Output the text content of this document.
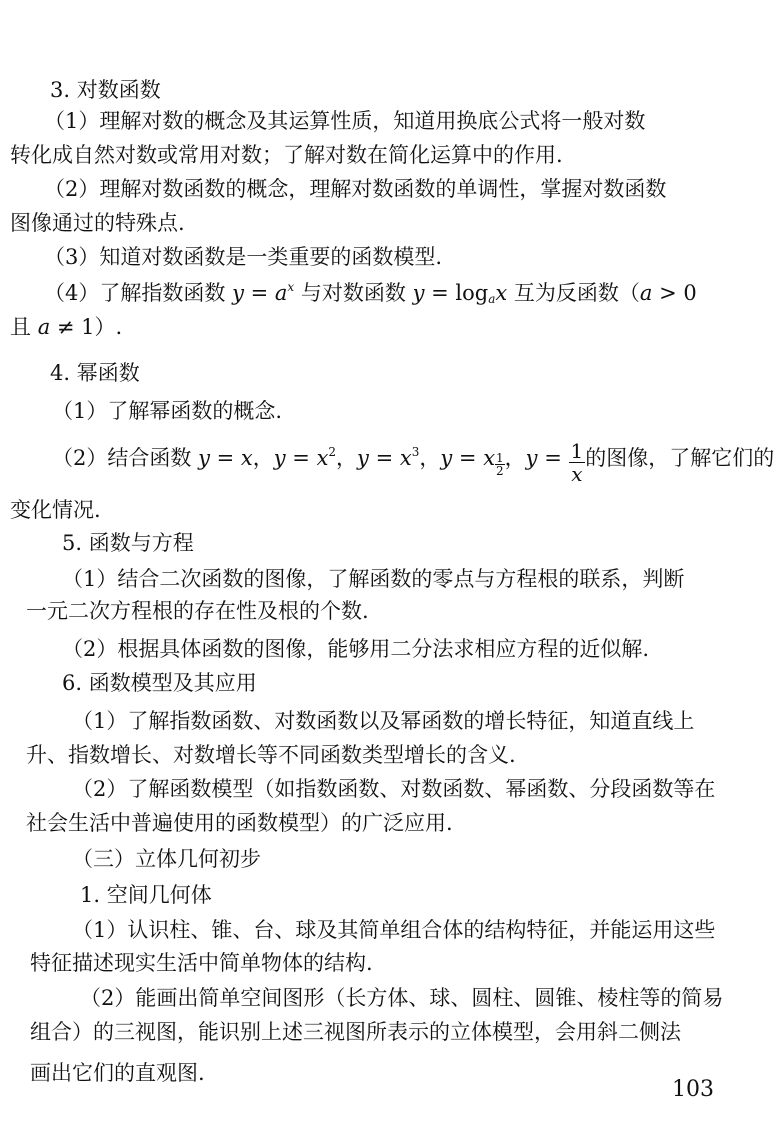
3. 对数函数
（1）理解对数的概念及其运算性质，知道用换底公式将一般对数
转化成自然对数或常用对数；了解对数在简化运算中的作用.
（2）理解对数函数的概念，理解对数函数的单调性，掌握对数函数
图像通过的特殊点.
（3）知道对数函数是一类重要的函数模型.
（4）了解指数函数 $y = a^x$ 与对数函数 $y = \log_ax$ 互为反函数（a > 0
且 a ≠ 1）.
4. 幂函数
（1）了解幂函数的概念.
（2）结合函数 y = x，$y = x^2$，$y = x^3$，y = x $\frac{1}{2}$ ，$y = \frac{1}{x}$ 的图像，了解它们的
变化情况.
5. 函数与方程
（1）结合二次函数的图像，了解函数的零点与方程根的联系，判断
一元二次方程根的存在性及根的个数.
（2）根据具体函数的图像，能够用二分法求相应方程的近似解.
6. 函数模型及其应用
（1）了解指数函数、对数函数以及幂函数的增长特征，知道直线上
升、指数增长、对数增长等不同函数类型增长的含义.
（2）了解函数模型（如指数函数、对数函数、幂函数、分段函数等在
社会生活中普遍使用的函数模型）的广泛应用.
（三）立体几何初步
1. 空间几何体
（1）认识柱、锥、台、球及其简单组合体的结构特征，并能运用这些
特征描述现实生活中简单物体的结构.
（2）能画出简单空间图形（长方体、球、圆柱、圆锥、棱柱等的简易
组合）的三视图，能识别上述三视图所表示的立体模型，会用斜二侧法
画出它们的直观图.
103
